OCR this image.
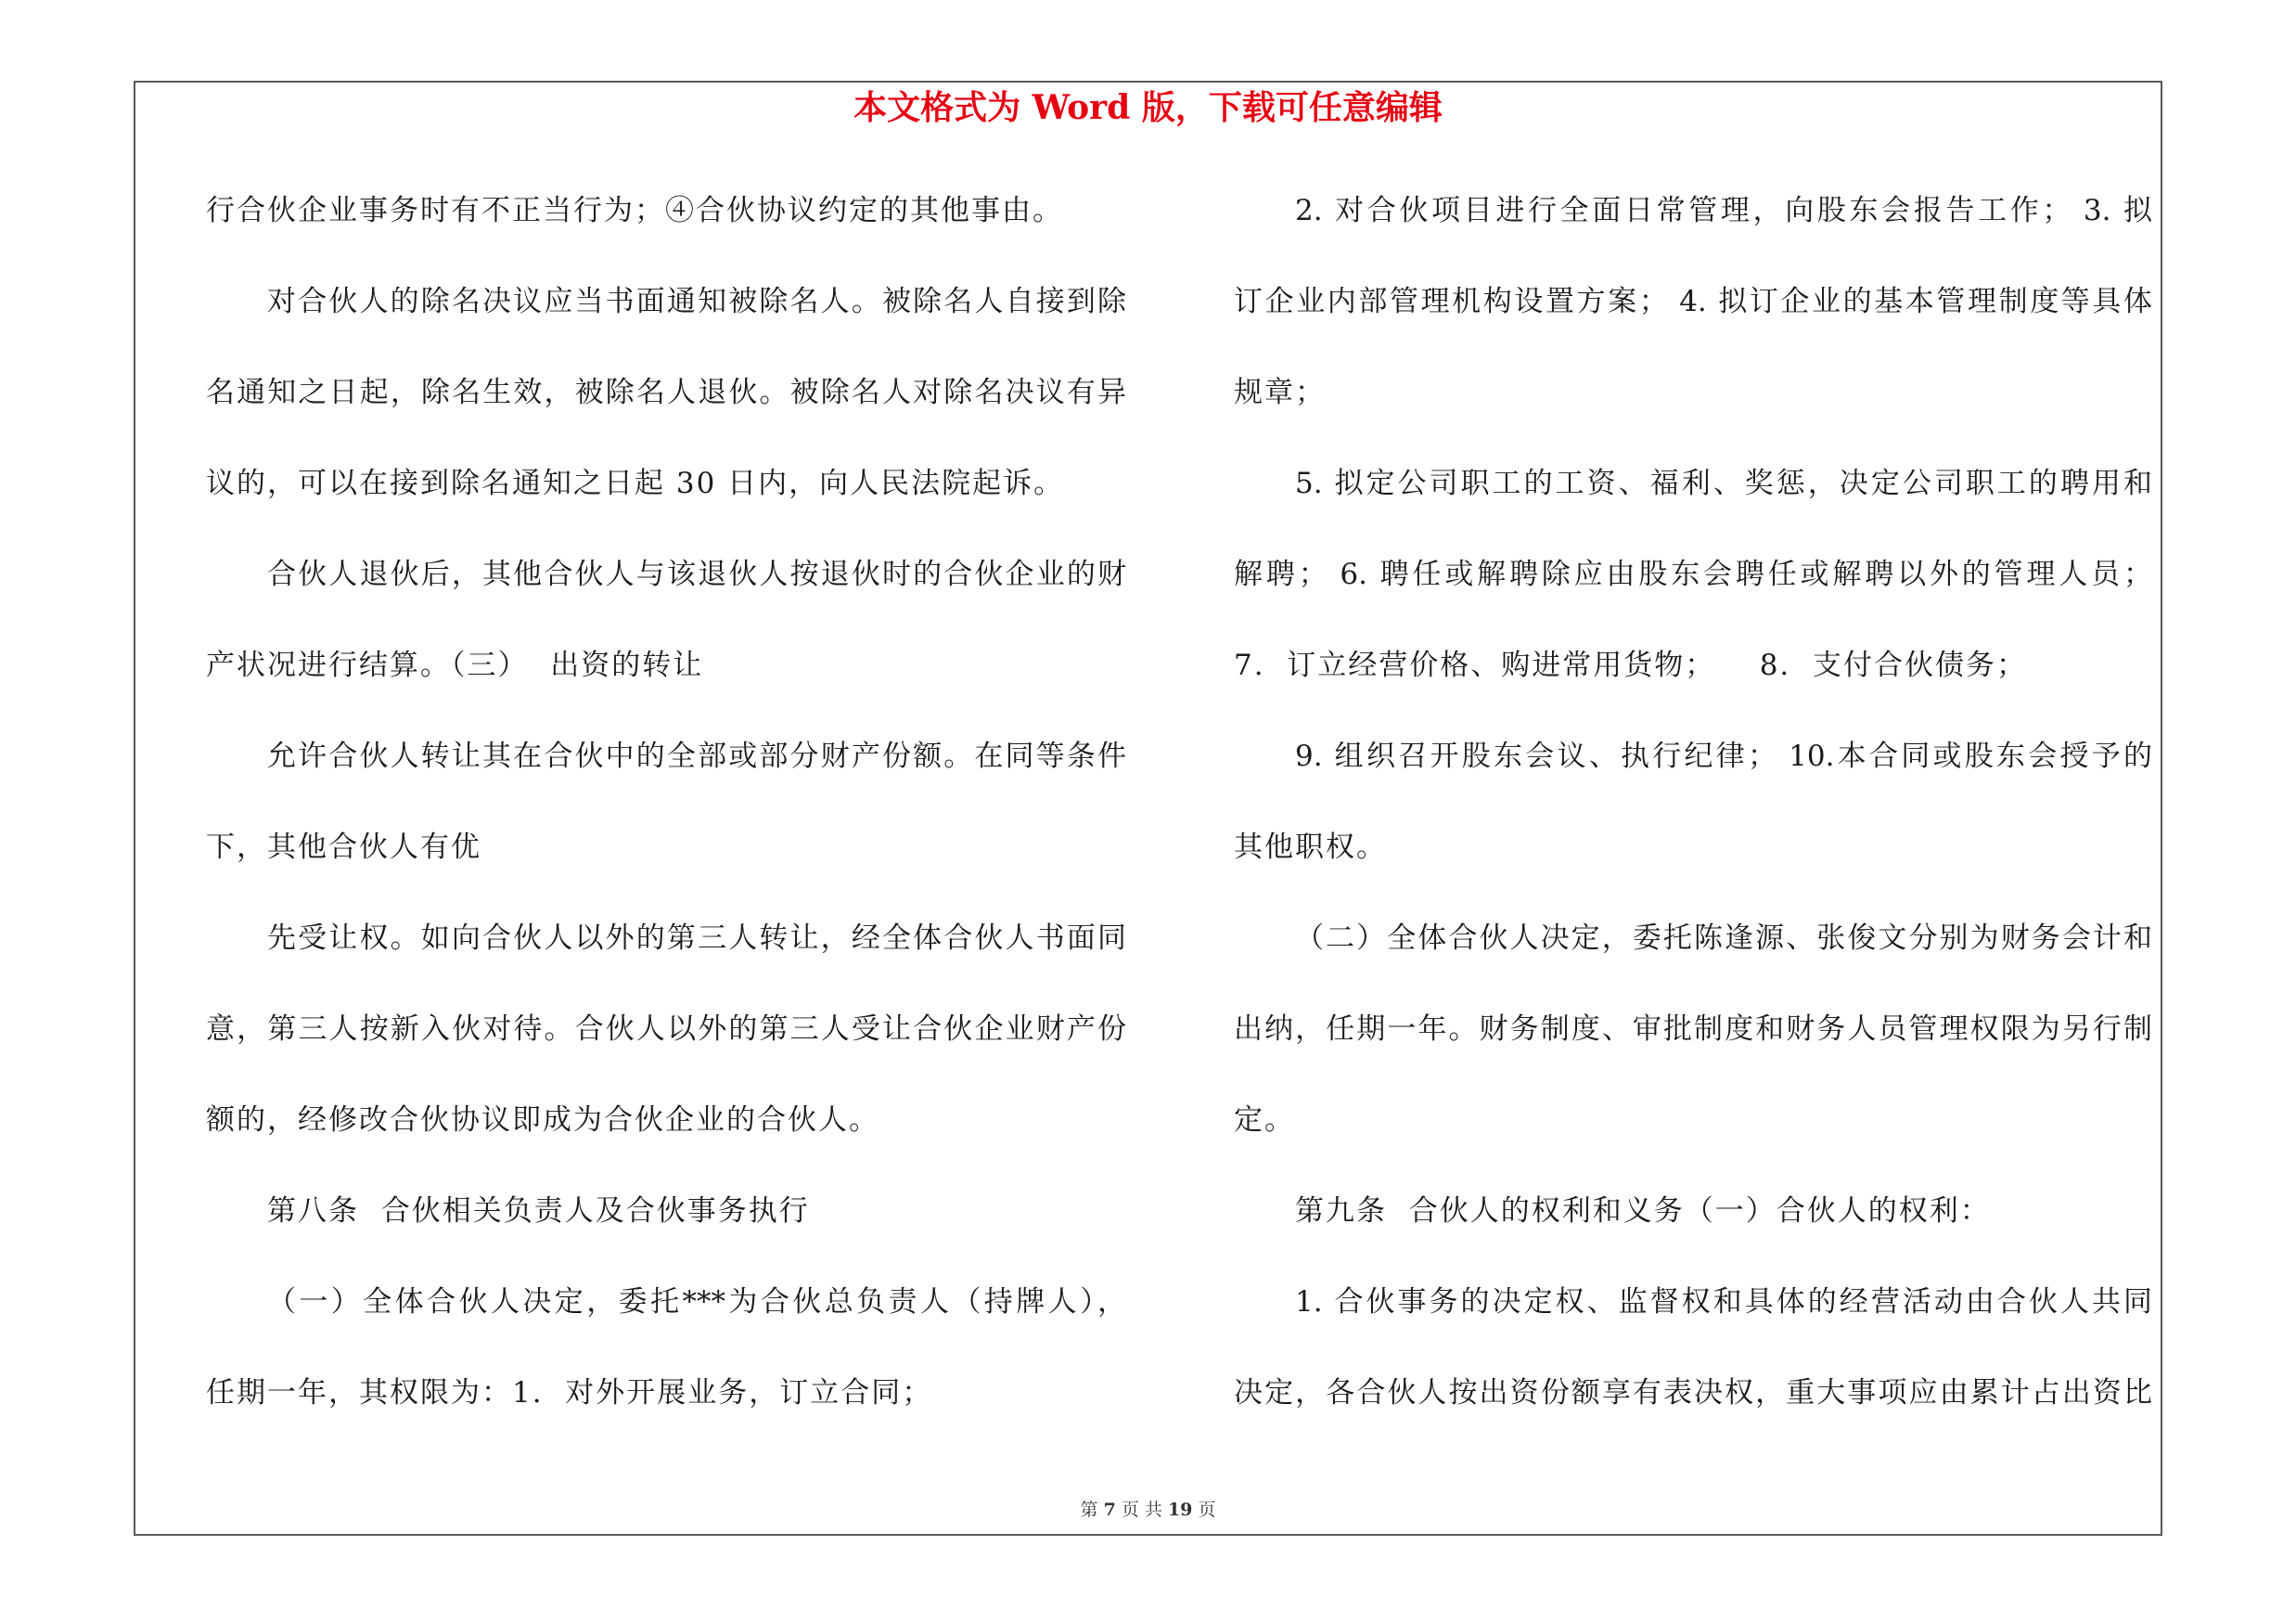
本文格式为 Word 版，下载可任意编辑
行合伙企业事务时有不正当行为；④合伙协议约定的其他事由。
对合伙人的除名决议应当书面通知被除名人。被除名人自接到除
名通知之日起，除名生效，被除名人退伙。被除名人对除名决议有异
议的，可以在接到除名通知之日起 30 日内，向人民法院起诉。
合伙人退伙后，其他合伙人与该退伙人按退伙时的合伙企业的财
产状况进行结算。（三）  出资的转让
允许合伙人转让其在合伙中的全部或部分财产份额。在同等条件
下，其他合伙人有优
先受让权。如向合伙人以外的第三人转让，经全体合伙人书面同
意，第三人按新入伙对待。合伙人以外的第三人受让合伙企业财产份
额的，经修改合伙协议即成为合伙企业的合伙人。
第八条  合伙相关负责人及合伙事务执行
（一）全体合伙人决定，委托***为合伙总负责人（持牌人），
任期一年，其权限为：1.  对外开展业务，订立合同；
2. 对合伙项目进行全面日常管理，向股东会报告工作； 3. 拟
订企业内部管理机构设置方案； 4. 拟订企业的基本管理制度等具体
规章；
5. 拟定公司职工的工资、福利、奖惩，决定公司职工的聘用和
解聘； 6. 聘任或解聘除应由股东会聘任或解聘以外的管理人员；
7.  订立经营价格、购进常用货物；    8.  支付合伙债务；
9. 组织召开股东会议、执行纪律； 10.本合同或股东会授予的
其他职权。
（二）全体合伙人决定，委托陈逢源、张俊文分别为财务会计和
出纳，任期一年。财务制度、审批制度和财务人员管理权限为另行制
定。
第九条  合伙人的权利和义务（一）合伙人的权利：
1. 合伙事务的决定权、监督权和具体的经营活动由合伙人共同
决定，各合伙人按出资份额享有表决权，重大事项应由累计占出资比
第 7 页 共 19 页
